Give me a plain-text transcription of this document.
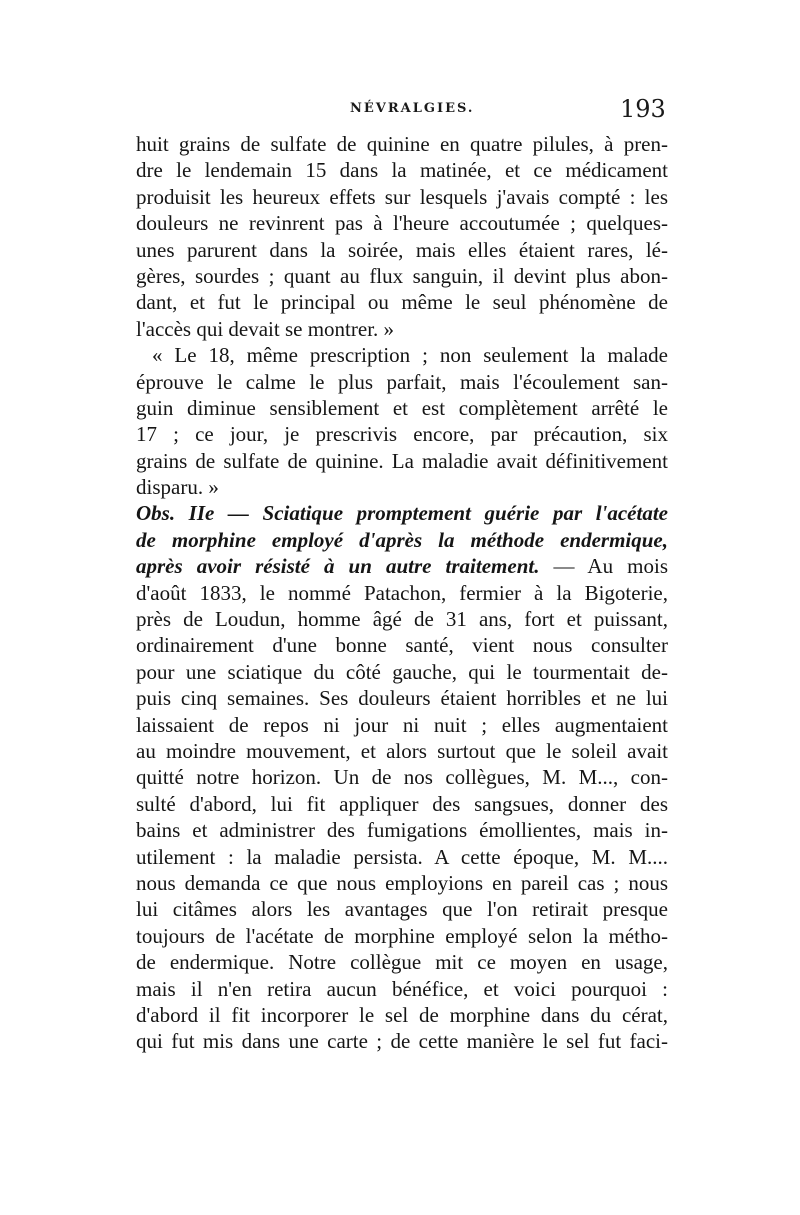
NÉVRALGIES.	193
huit grains de sulfate de quinine en quatre pilules, à pren-
dre le lendemain 15 dans la matinée, et ce médicament
produisit les heureux effets sur lesquels j'avais compté : les
douleurs ne revinrent pas à l'heure accoutumée ; quelques-
unes parurent dans la soirée, mais elles étaient rares, lé-
gères, sourdes ; quant au flux sanguin, il devint plus abon-
dant, et fut le principal ou même le seul phénomène de
l'accès qui devait se montrer. »
« Le 18, même prescription ; non seulement la malade
éprouve le calme le plus parfait, mais l'écoulement san-
guin diminue sensiblement et est complètement arrêté le
17 ; ce jour, je prescrivis encore, par précaution, six
grains de sulfate de quinine. La maladie avait définitivement
disparu. »
Obs. IIe — Sciatique promptement guérie par l'acétate
de morphine employé d'après la méthode endermique,
après avoir résisté à un autre traitement. — Au mois
d'août 1833, le nommé Patachon, fermier à la Bigoterie,
près de Loudun, homme âgé de 31 ans, fort et puissant,
ordinairement d'une bonne santé, vient nous consulter
pour une sciatique du côté gauche, qui le tourmentait de-
puis cinq semaines. Ses douleurs étaient horribles et ne lui
laissaient de repos ni jour ni nuit ; elles augmentaient
au moindre mouvement, et alors surtout que le soleil avait
quitté notre horizon. Un de nos collègues, M. M..., con-
sulté d'abord, lui fit appliquer des sangsues, donner des
bains et administrer des fumigations émollientes, mais in-
utilement : la maladie persista. A cette époque, M. M....
nous demanda ce que nous employions en pareil cas ; nous
lui citâmes alors les avantages que l'on retirait presque
toujours de l'acétate de morphine employé selon la métho-
de endermique. Notre collègue mit ce moyen en usage,
mais il n'en retira aucun bénéfice, et voici pourquoi :
d'abord il fit incorporer le sel de morphine dans du cérat,
qui fut mis dans une carte ; de cette manière le sel fut faci-
